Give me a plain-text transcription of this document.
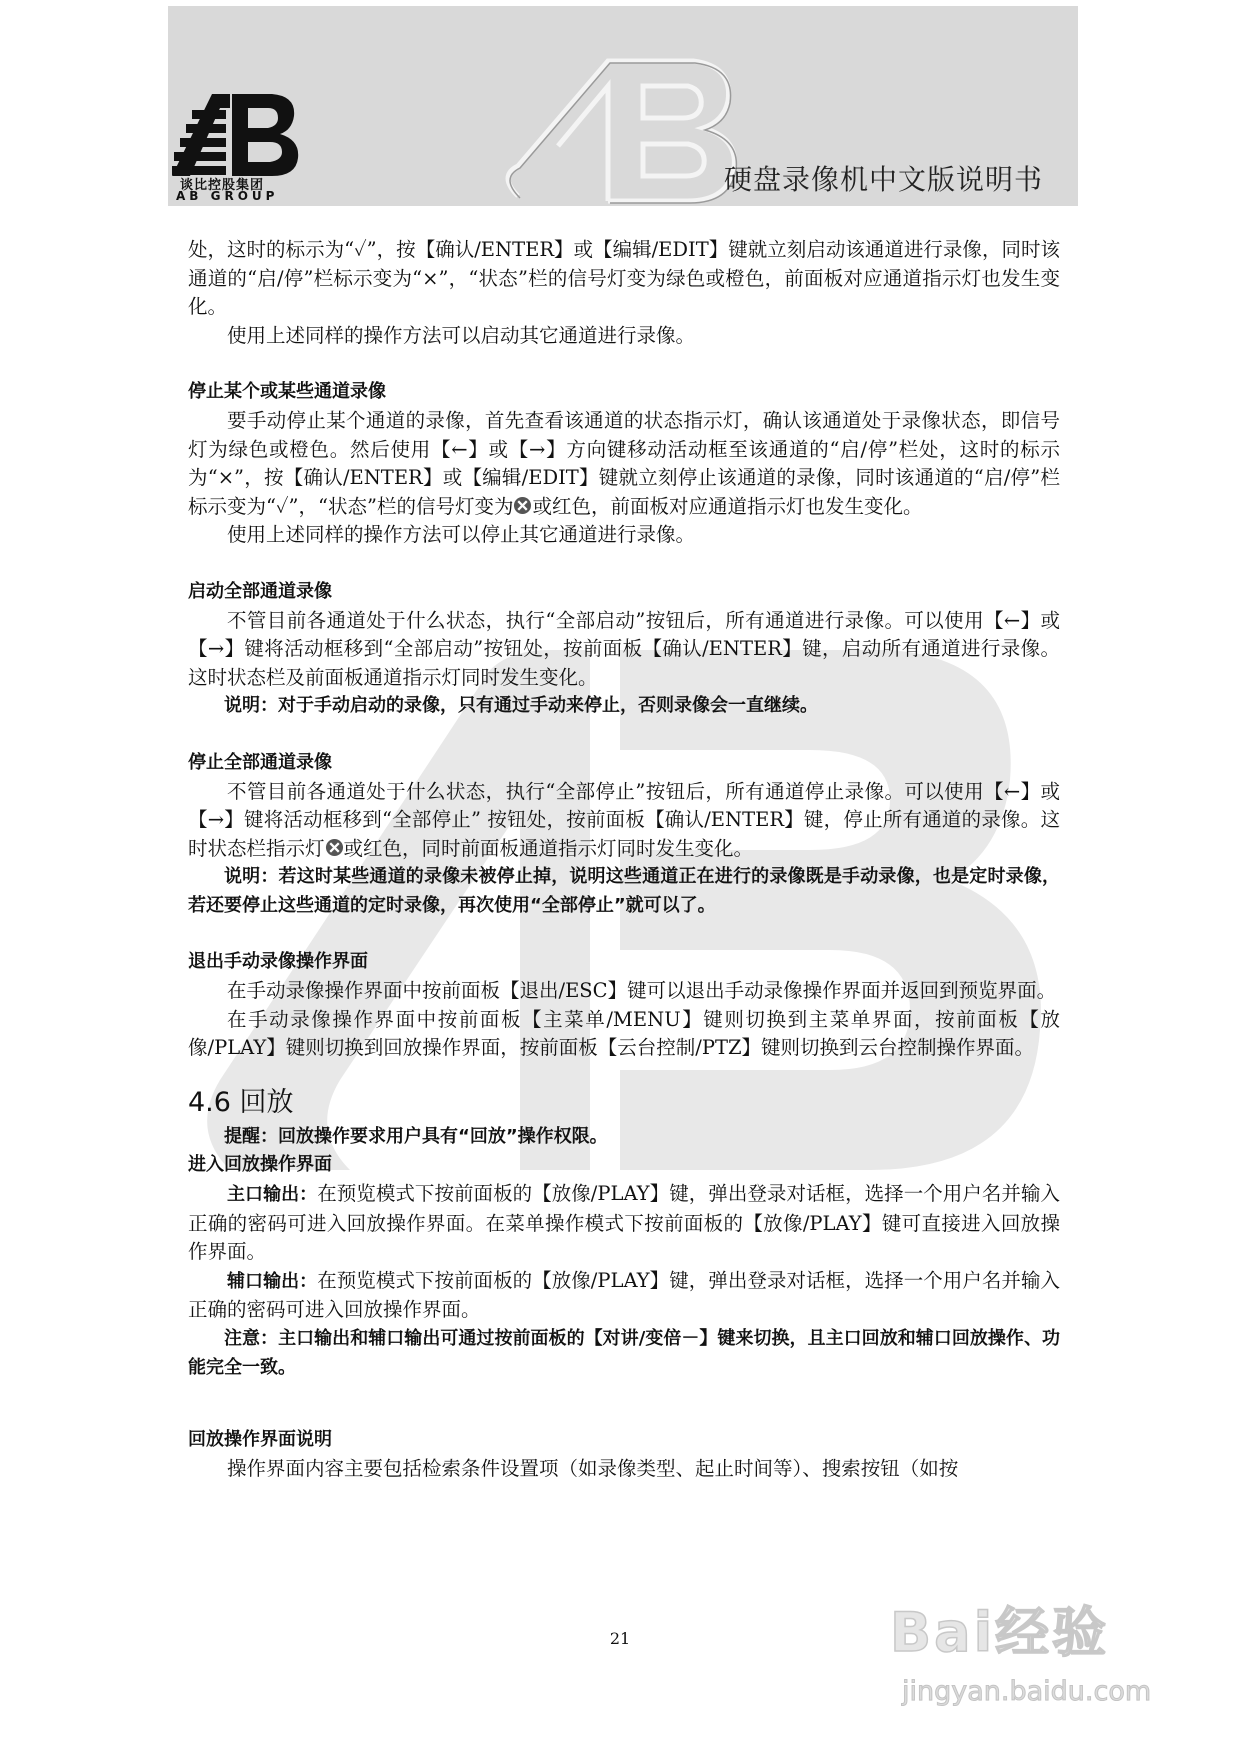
谈比控股集团
AB GROUP	硬盘录像机中文版说明书

处，这时的标示为“✓”，按【确认/ENTER】或【编辑/EDIT】键就立刻启动该通道进行录像，同时该通道的“启/停”栏标示变为“×”，“状态”栏的信号灯变为绿色或橙色，前面板对应通道指示灯也发生变化。

使用上述同样的操作方法可以启动其它通道进行录像。

停止某个或某些通道录像

要手动停止某个通道的录像，首先查看该通道的状态指示灯，确认该通道处于录像状态，即信号灯为绿色或橙色。然后使用【←】或【→】方向键移动活动框至该通道的“启/停”栏处，这时的标示为“×”，按【确认/ENTER】或【编辑/EDIT】键就立刻停止该通道的录像，同时该通道的“启/停”栏标示变为“✓”，“状态”栏的信号灯变为 或红色，前面板对应通道指示灯也发生变化。

使用上述同样的操作方法可以停止其它通道进行录像。

启动全部通道录像

不管目前各通道处于什么状态，执行“全部启动”按钮后，所有通道进行录像。可以使用【←】或【→】键将活动框移到“全部启动”按钮处，按前面板【确认/ENTER】键，启动所有通道进行录像。这时状态栏及前面板通道指示灯同时发生变化。

说明：对于手动启动的录像，只有通过手动来停止，否则录像会一直继续。

停止全部通道录像

不管目前各通道处于什么状态，执行“全部停止”按钮后，所有通道停止录像。可以使用【←】或【→】键将活动框移到“全部停止” 按钮处，按前面板【确认/ENTER】键，停止所有通道的录像。这时状态栏指示灯 或红色，同时前面板通道指示灯同时发生变化。

说明：若这时某些通道的录像未被停止掉，说明这些通道正在进行的录像既是手动录像，也是定时录像，若还要停止这些通道的定时录像，再次使用“全部停止”就可以了。

退出手动录像操作界面

在手动录像操作界面中按前面板【退出/ESC】键可以退出手动录像操作界面并返回到预览界面。

在手动录像操作界面中按前面板【主菜单/MENU】键则切换到主菜单界面，按前面板【放像/PLAY】键则切换到回放操作界面，按前面板【云台控制/PTZ】键则切换到云台控制操作界面。

4.6 回放

提醒：回放操作要求用户具有“回放”操作权限。

进入回放操作界面

主口输出：在预览模式下按前面板的【放像/PLAY】键，弹出登录对话框，选择一个用户名并输入正确的密码可进入回放操作界面。在菜单操作模式下按前面板的【放像/PLAY】键可直接进入回放操作界面。

辅口输出：在预览模式下按前面板的【放像/PLAY】键，弹出登录对话框，选择一个用户名并输入正确的密码可进入回放操作界面。

注意：主口输出和辅口输出可通过按前面板的【对讲/变倍－】键来切换，且主口回放和辅口回放操作、功能完全一致。

回放操作界面说明

操作界面内容主要包括检索条件设置项（如录像类型、起止时间等）、搜索按钮（如按

21	Bai经验
jingyan.baidu.com
